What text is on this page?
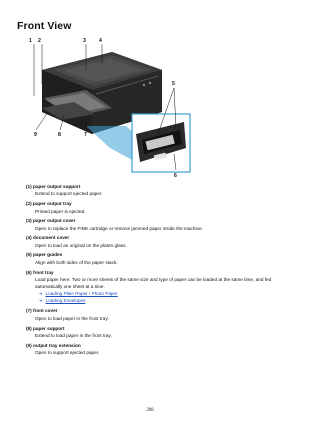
Front View
1 2	3	4
5
6
7
8
9
(1) paper output support
Extend to support ejected paper.
(2) paper output tray
Printed paper is ejected.
(3) paper output cover
Open to replace the FINE cartridge or remove jammed paper inside the machine.
(4) document cover
Open to load an original on the platen glass.
(5) paper guides
Align with both sides of the paper stack.
(6) front tray
Load paper here. Two or more sheets of the same size and type of paper can be loaded at the same time, and fed automatically one sheet at a time.
➜ Loading Plain Paper / Photo Paper
➜ Loading Envelopes
(7) front cover
Open to load paper in the front tray.
(8) paper support
Extend to load paper in the front tray.
(9) output tray extension
Open to support ejected paper.
208
